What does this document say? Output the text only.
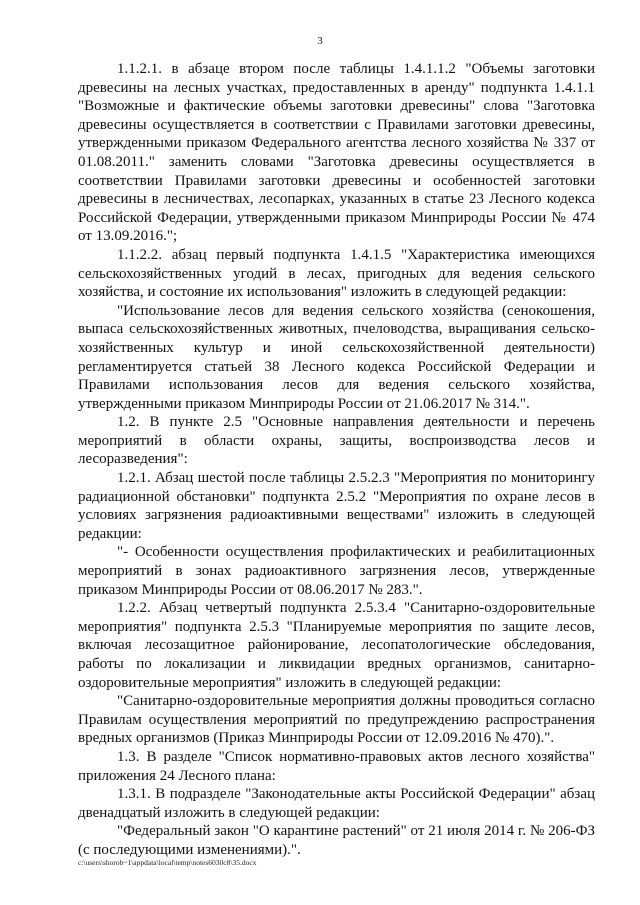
3

1.1.2.1. в абзаце втором после таблицы 1.4.1.1.2 "Объемы заготовки древесины на лесных участках, предоставленных в аренду" подпункта 1.4.1.1 "Возможные и фактические объемы заготовки древесины" слова "Заготовка древесины осуществляется в соответствии с Правилами заготовки древесины, утвержденными приказом Федерального агентства лесного хозяйства № 337 от 01.08.2011." заменить словами "Заготовка древесины осуществляется в соответствии Правилами заготовки древесины и особенностей заготовки древесины в лесничествах, лесопарках, указанных в статье 23 Лесного кодекса Российской Федерации, утвержденными приказом Минприроды России № 474 от 13.09.2016.";

1.1.2.2. абзац первый подпункта 1.4.1.5 "Характеристика имеющихся сельскохозяйственных угодий в лесах, пригодных для ведения сельского хозяйства, и состояние их использования" изложить в следующей редакции:

"Использование лесов для ведения сельского хозяйства (сенокошения, выпаса сельскохозяйственных животных, пчеловодства, выращивания сельско-хозяйственных культур и иной сельскохозяйственной деятельности) регламентируется статьей 38 Лесного кодекса Российской Федерации и Правилами использования лесов для ведения сельского хозяйства, утвержденными приказом Минприроды России от 21.06.2017 № 314.".

1.2. В пункте 2.5 "Основные направления деятельности и перечень мероприятий в области охраны, защиты, воспроизводства лесов и лесоразведения":

1.2.1. Абзац шестой после таблицы 2.5.2.3 "Мероприятия по мониторингу радиационной обстановки" подпункта 2.5.2 "Мероприятия по охране лесов в условиях загрязнения радиоактивными веществами" изложить в следующей редакции:

"- Особенности осуществления профилактических и реабилитационных мероприятий в зонах радиоактивного загрязнения лесов, утвержденные приказом Минприроды России от 08.06.2017 № 283.".

1.2.2. Абзац четвертый подпункта 2.5.3.4 "Санитарно-оздоровительные мероприятия" подпункта 2.5.3 "Планируемые мероприятия по защите лесов, включая лесозащитное районирование, лесопатологические обследования, работы по локализации и ликвидации вредных организмов, санитарно-оздоровительные мероприятия" изложить в следующей редакции:

"Санитарно-оздоровительные мероприятия должны проводиться согласно Правилам осуществления мероприятий по предупреждению распространения вредных организмов (Приказ Минприроды России от 12.09.2016 № 470).".

1.3. В разделе "Список нормативно-правовых актов лесного хозяйства" приложения 24 Лесного плана:

1.3.1. В подразделе "Законодательные акты Российской Федерации" абзац двенадцатый изложить в следующей редакции:

"Федеральный закон "О карантине растений" от 21 июля 2014 г. № 206-ФЗ (с последующими изменениями).".

c:\users\shorob~1\appdata\local\temp\notes6030c8\35.docx
